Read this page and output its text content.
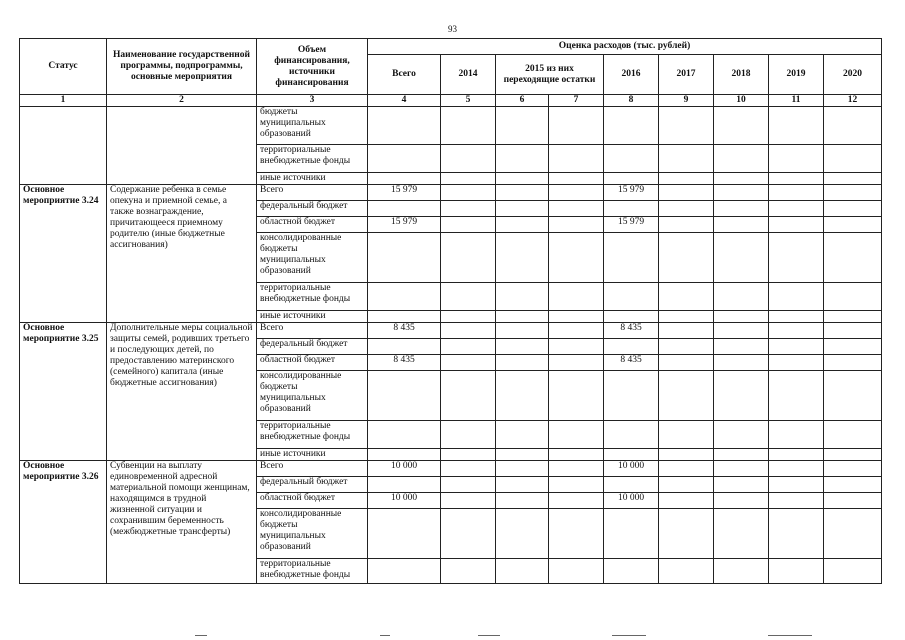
93
Статус	Наименование государственной программы, подпрограммы, основные мероприятия	Объем финансирования, источники финансирования	Оценка расходов (тыс. рублей)								
			Всего	2014	2015 из них переходящие остатки		2016	2017	2018	2019	2020
1	2	3	4	5	6	7	8	9	10	11	12
		бюджеты муниципальных образований									
		территориальные внебюджетные фонды									
		иные источники									
Основное мероприятие 3.24	Содержание ребенка в семье опекуна и приемной семье, а также вознаграждение, причитающееся приемному родителю (иные бюджетные ассигнования)	Всего	15 979				15 979				
		федеральный бюджет									
		областной бюджет	15 979				15 979				
		консолидированные бюджеты муниципальных образований									
		территориальные внебюджетные фонды									
		иные источники									
Основное мероприятие 3.25	Дополнительные меры социальной защиты семей, родивших третьего и последующих детей, по предоставлению материнского (семейного) капитала (иные бюджетные ассигнования)	Всего	8 435				8 435				
		федеральный бюджет									
		областной бюджет	8 435				8 435				
		консолидированные бюджеты муниципальных образований									
		территориальные внебюджетные фонды									
		иные источники									
Основное мероприятие 3.26	Субвенции на выплату единовременной адресной материальной помощи женщинам, находящимся в трудной жизненной ситуации и сохранившим беременность (межбюджетные трансферты)	Всего	10 000				10 000				
		федеральный бюджет									
		областной бюджет	10 000				10 000				
		консолидированные бюджеты муниципальных образований									
		территориальные внебюджетные фонды									
